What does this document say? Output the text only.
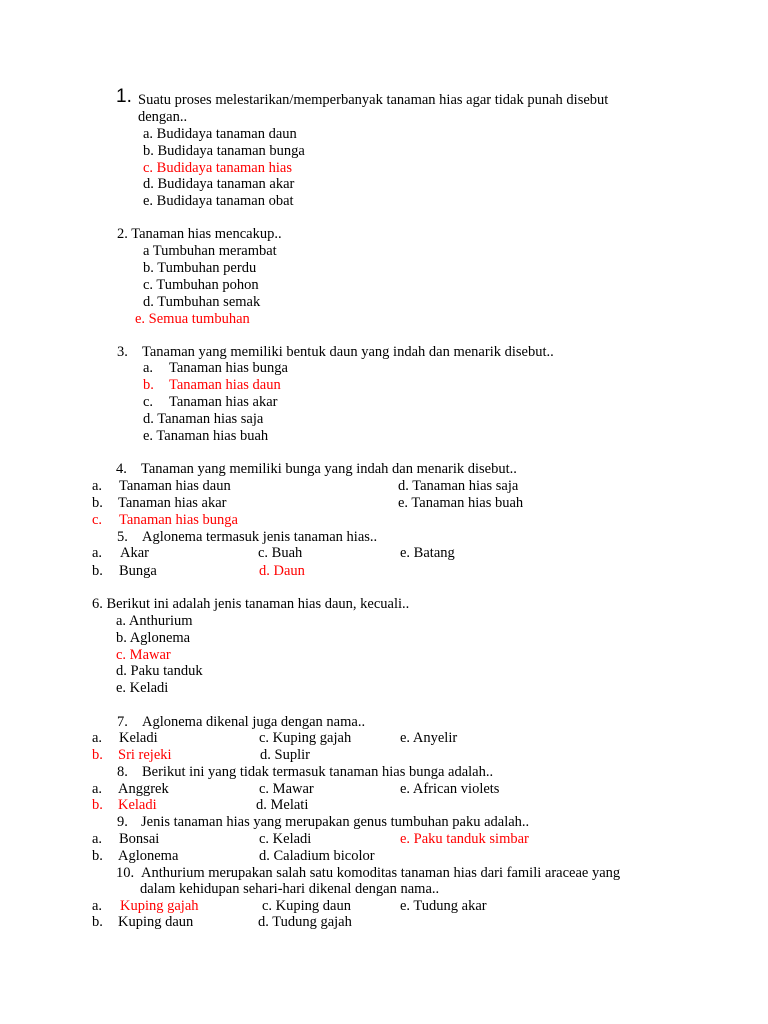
1. Suatu proses melestarikan/memperbanyak tanaman hias agar tidak punah disebut
dengan..
a. Budidaya tanaman daun
b. Budidaya tanaman bunga
c. Budidaya tanaman hias
d. Budidaya tanaman akar
e. Budidaya tanaman obat
2. Tanaman hias mencakup..
a Tumbuhan merambat
b. Tumbuhan perdu
c. Tumbuhan pohon
d. Tumbuhan semak
e. Semua tumbuhan
3. Tanaman yang memiliki bentuk daun yang indah dan menarik disebut..
a. Tanaman hias bunga
b. Tanaman hias daun
c. Tanaman hias akar
d. Tanaman hias saja
e. Tanaman hias buah
4. Tanaman yang memiliki bunga yang indah dan menarik disebut..
a. Tanaman hias daun	d. Tanaman hias saja
b. Tanaman hias akar	e. Tanaman hias buah
c. Tanaman hias bunga
5. Aglonema termasuk jenis tanaman hias..
a. Akar	c. Buah	e. Batang
b. Bunga	d. Daun
6. Berikut ini adalah jenis tanaman hias daun, kecuali..
a. Anthurium
b. Aglonema
c. Mawar
d. Paku tanduk
e. Keladi
7. Aglonema dikenal juga dengan nama..
a. Keladi	c. Kuping gajah	e. Anyelir
b. Sri rejeki	d. Suplir
8. Berikut ini yang tidak termasuk tanaman hias bunga adalah..
a. Anggrek	c. Mawar	e. African violets
b. Keladi	d. Melati
9. Jenis tanaman hias yang merupakan genus tumbuhan paku adalah..
a. Bonsai	c. Keladi	e. Paku tanduk simbar
b. Aglonema	d. Caladium bicolor
10. Anthurium merupakan salah satu komoditas tanaman hias dari famili araceae yang
dalam kehidupan sehari-hari dikenal dengan nama..
a. Kuping gajah	c. Kuping daun	e. Tudung akar
b. Kuping daun	d. Tudung gajah
